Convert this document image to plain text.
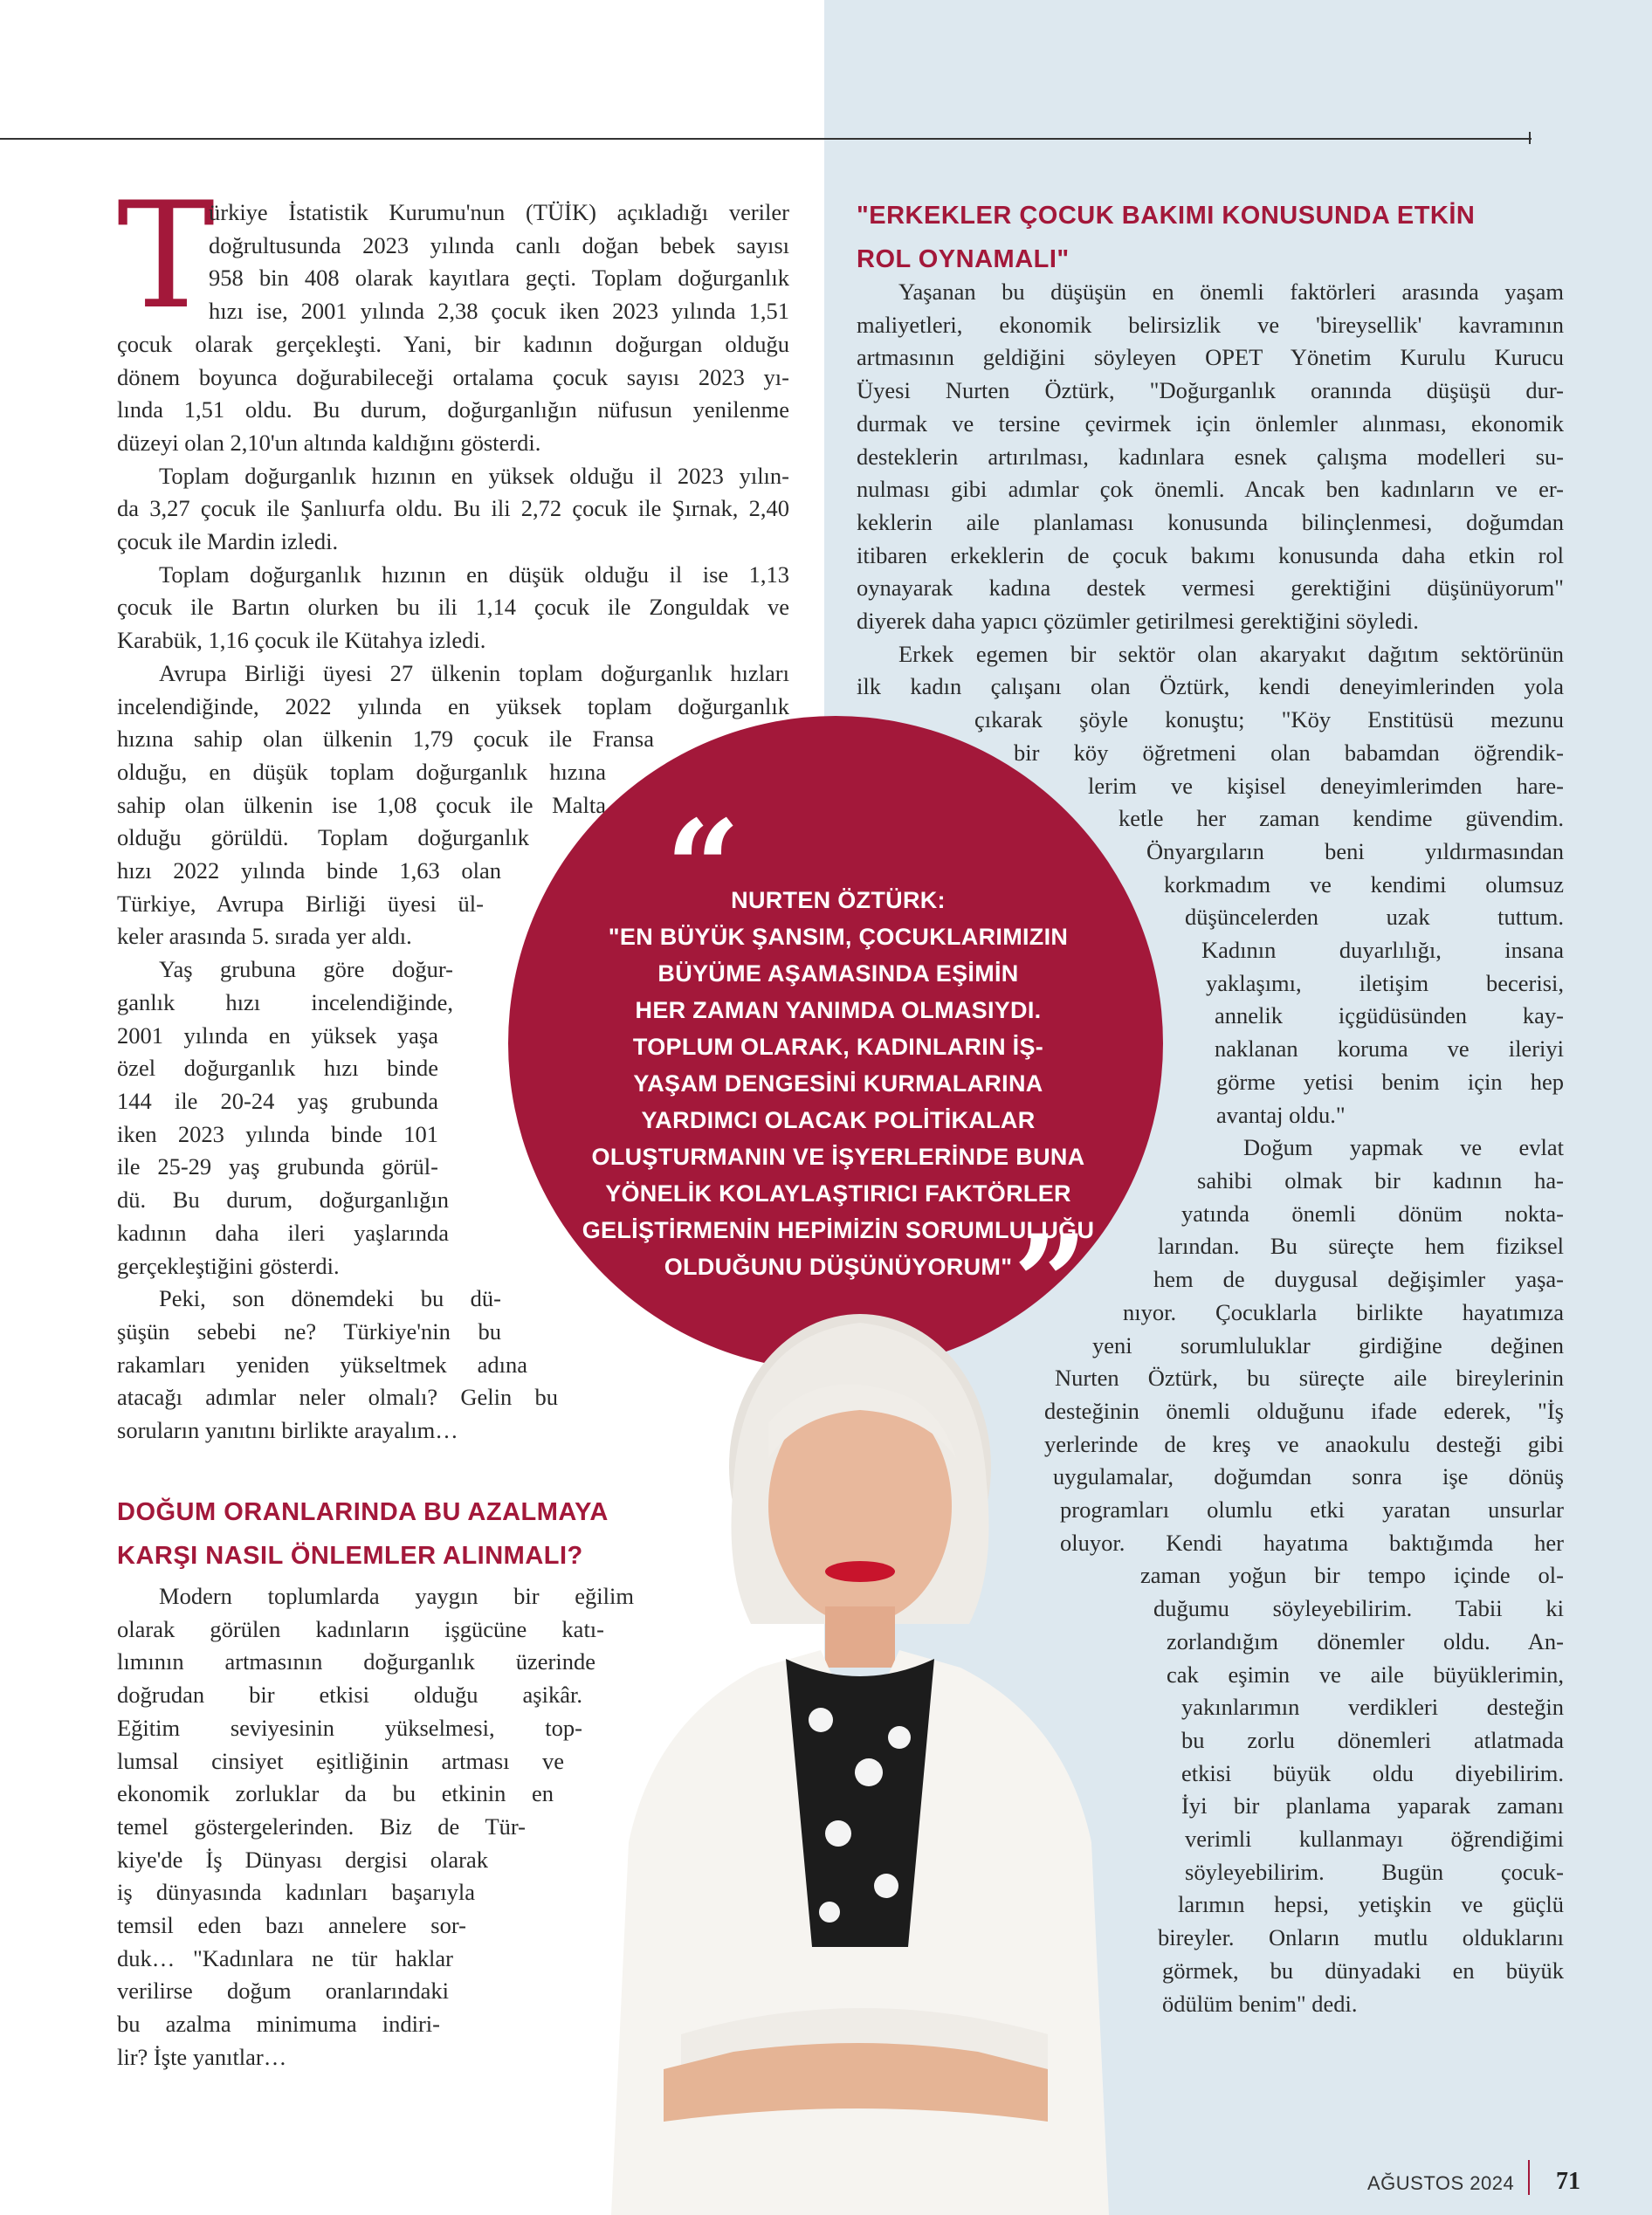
T
ürkiye İstatistik Kurumu'nun (TÜİK) açıkladığı veriler
doğrultusunda 2023 yılında canlı doğan bebek sayısı
958 bin 408 olarak kayıtlara geçti. Toplam doğurganlık
hızı ise, 2001 yılında 2,38 çocuk iken 2023 yılında 1,51
çocuk olarak gerçekleşti. Yani, bir kadının doğurgan olduğu
dönem boyunca doğurabileceği ortalama çocuk sayısı 2023 yı-
lında 1,51 oldu. Bu durum, doğurganlığın nüfusun yenilenme
düzeyi olan 2,10'un altında kaldığını gösterdi.
Toplam doğurganlık hızının en yüksek olduğu il 2023 yılın-
da 3,27 çocuk ile Şanlıurfa oldu. Bu ili 2,72 çocuk ile Şırnak, 2,40
çocuk ile Mardin izledi.
Toplam doğurganlık hızının en düşük olduğu il ise 1,13
çocuk ile Bartın olurken bu ili 1,14 çocuk ile Zonguldak ve
Karabük, 1,16 çocuk ile Kütahya izledi.
Avrupa Birliği üyesi 27 ülkenin toplam doğurganlık hızları
incelendiğinde, 2022 yılında en yüksek toplam doğurganlık
hızına sahip olan ülkenin 1,79 çocuk ile Fransa
olduğu, en düşük toplam doğurganlık hızına
sahip olan ülkenin ise 1,08 çocuk ile Malta
olduğu görüldü. Toplam doğurganlık
hızı 2022 yılında binde 1,63 olan
Türkiye, Avrupa Birliği üyesi ül-
keler arasında 5. sırada yer aldı.
Yaş grubuna göre doğur-
ganlık hızı incelendiğinde,
2001 yılında en yüksek yaşa
özel doğurganlık hızı binde
144 ile 20-24 yaş grubunda
iken 2023 yılında binde 101
ile 25-29 yaş grubunda görül-
dü. Bu durum, doğurganlığın
kadının daha ileri yaşlarında
gerçekleştiğini gösterdi.
Peki, son dönemdeki bu dü-
şüşün sebebi ne? Türkiye'nin bu
rakamları yeniden yükseltmek adına
atacağı adımlar neler olmalı? Gelin bu
soruların yanıtını birlikte arayalım…
DOĞUM ORANLARINDA BU AZALMAYA
KARŞI NASIL ÖNLEMLER ALINMALI?
Modern toplumlarda yaygın bir eğilim
olarak görülen kadınların işgücüne katı-
lımının artmasının doğurganlık üzerinde
doğrudan bir etkisi olduğu aşikâr.
Eğitim seviyesinin yükselmesi, top-
lumsal cinsiyet eşitliğinin artması ve
ekonomik zorluklar da bu etkinin en
temel göstergelerinden. Biz de Tür-
kiye'de İş Dünyası dergisi olarak
iş dünyasında kadınları başarıyla
temsil eden bazı annelere sor-
duk… "Kadınlara ne tür haklar
verilirse doğum oranlarındaki
bu azalma minimuma indiri-
lir? İşte yanıtlar…
"ERKEKLER ÇOCUK BAKIMI KONUSUNDA ETKİN
ROL OYNAMALI"
Yaşanan bu düşüşün en önemli faktörleri arasında yaşam
maliyetleri, ekonomik belirsizlik ve 'bireysellik' kavramının
artmasının geldiğini söyleyen OPET Yönetim Kurulu Kurucu
Üyesi Nurten Öztürk, "Doğurganlık oranında düşüşü dur-
durmak ve tersine çevirmek için önlemler alınması, ekonomik
desteklerin artırılması, kadınlara esnek çalışma modelleri su-
nulması gibi adımlar çok önemli. Ancak ben kadınların ve er-
keklerin aile planlaması konusunda bilinçlenmesi, doğumdan
itibaren erkeklerin de çocuk bakımı konusunda daha etkin rol
oynayarak kadına destek vermesi gerektiğini düşünüyorum"
diyerek daha yapıcı çözümler getirilmesi gerektiğini söyledi.
Erkek egemen bir sektör olan akaryakıt dağıtım sektörünün
ilk kadın çalışanı olan Öztürk, kendi deneyimlerinden yola
çıkarak şöyle konuştu; "Köy Enstitüsü mezunu
bir köy öğretmeni olan babamdan öğrendik-
lerim ve kişisel deneyimlerimden hare-
ketle her zaman kendime güvendim.
Önyargıların beni yıldırmasından
korkmadım ve kendimi olumsuz
düşüncelerden uzak tuttum.
Kadının duyarlılığı, insana
yaklaşımı, iletişim becerisi,
annelik içgüdüsünden kay-
naklanan koruma ve ileriyi
görme yetisi benim için hep
avantaj oldu."
Doğum yapmak ve evlat
sahibi olmak bir kadının ha-
yatında önemli dönüm nokta-
larından. Bu süreçte hem fiziksel
hem de duygusal değişimler yaşa-
nıyor. Çocuklarla birlikte hayatımıza
yeni sorumluluklar girdiğine değinen
Nurten Öztürk, bu süreçte aile bireylerinin
desteğinin önemli olduğunu ifade ederek, "İş
yerlerinde de kreş ve anaokulu desteği gibi
uygulamalar, doğumdan sonra işe dönüş
programları olumlu etki yaratan unsurlar
oluyor. Kendi hayatıma baktığımda her
zaman yoğun bir tempo içinde ol-
duğumu söyleyebilirim. Tabii ki
zorlandığım dönemler oldu. An-
cak eşimin ve aile büyüklerimin,
yakınlarımın verdikleri desteğin
bu zorlu dönemleri atlatmada
etkisi büyük oldu diyebilirim.
İyi bir planlama yaparak zamanı
verimli kullanmayı öğrendiğimi
söyleyebilirim. Bugün çocuk-
larımın hepsi, yetişkin ve güçlü
bireyler. Onların mutlu olduklarını
görmek, bu dünyadaki en büyük
ödülüm benim" dedi.
“
NURTEN ÖZTÜRK:
"EN BÜYÜK ŞANSIM, ÇOCUKLARIMIZIN
BÜYÜME AŞAMASINDA EŞİMİN
HER ZAMAN YANIMDA OLMASIYDI.
TOPLUM OLARAK, KADINLARIN İŞ-
YAŞAM DENGESİNİ KURMALARINA
YARDIMCI OLACAK POLİTİKALAR
OLUŞTURMANIN VE İŞYERLERİNDE BUNA
YÖNELİK KOLAYLAŞTIRICI FAKTÖRLER
GELİŞTİRMENİN HEPİMİZİN SORUMLULUĞU
OLDUĞUNU DÜŞÜNÜYORUM" ”
AĞUSTOS 2024 71
